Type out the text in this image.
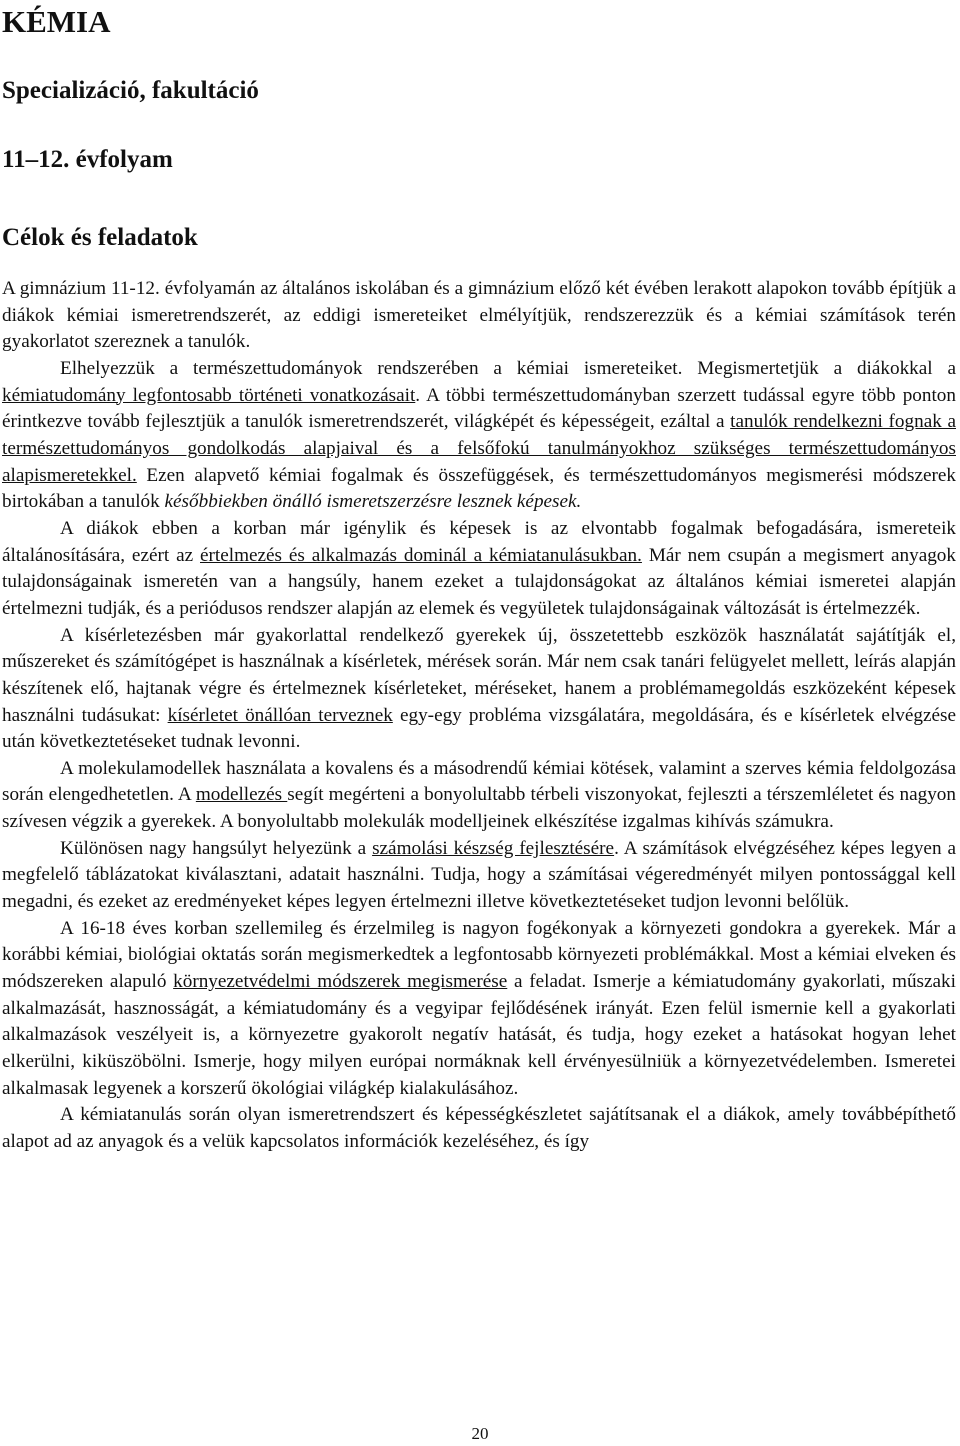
KÉMIA
Specializáció, fakultáció
11–12. évfolyam
Célok és feladatok

A gimnázium 11-12. évfolyamán az általános iskolában és a gimnázium előző két évében lerakott alapokon tovább építjük a diákok kémiai ismeretrendszerét, az eddigi ismereteiket elmélyítjük, rendszerezzük és a kémiai számítások terén gyakorlatot szereznek a tanulók.

Elhelyezzük a természettudományok rendszerében a kémiai ismereteiket. Megismertetjük a diákokkal a kémiatudomány legfontosabb történeti vonatkozásait. A többi természettudományban szerzett tudással egyre több ponton érintkezve tovább fejlesztjük a tanulók ismeretrendszerét, világképét és képességeit, ezáltal a tanulók rendelkezni fognak a természettudományos gondolkodás alapjaival és a felsőfokú tanulmányokhoz szükséges természettudományos alapismeretekkel. Ezen alapvető kémiai fogalmak és összefüggések, és természettudományos megismerési módszerek birtokában a tanulók későbbiekben önálló ismeretszerzésre lesznek képesek.

A diákok ebben a korban már igénylik és képesek is az elvontabb fogalmak befogadására, ismereteik általánosítására, ezért az értelmezés és alkalmazás dominál a kémiatanulásukban. Már nem csupán a megismert anyagok tulajdonságainak ismeretén van a hangsúly, hanem ezeket a tulajdonságokat az általános kémiai ismeretei alapján értelmezni tudják, és a periódusos rendszer alapján az elemek és vegyületek tulajdonságainak változását is értelmezzék.

A kísérletezésben már gyakorlattal rendelkező gyerekek új, összetettebb eszközök használatát sajátítják el, műszereket és számítógépet is használnak a kísérletek, mérések során. Már nem csak tanári felügyelet mellett, leírás alapján készítenek elő, hajtanak végre és értelmeznek kísérleteket, méréseket, hanem a problémamegoldás eszközeként képesek használni tudásukat: kísérletet önállóan terveznek egy-egy probléma vizsgálatára, megoldására, és e kísérletek elvégzése után következtetéseket tudnak levonni.

A molekulamodellek használata a kovalens és a másodrendű kémiai kötések, valamint a szerves kémia feldolgozása során elengedhetetlen. A modellezés segít megérteni a bonyolultabb térbeli viszonyokat, fejleszti a térszemléletet és nagyon szívesen végzik a gyerekek. A bonyolultabb molekulák modelljeinek elkészítése izgalmas kihívás számukra.

Különösen nagy hangsúlyt helyezünk a számolási készség fejlesztésére. A számítások elvégzéséhez képes legyen a megfelelő táblázatokat kiválasztani, adatait használni. Tudja, hogy a számításai végeredményét milyen pontossággal kell megadni, és ezeket az eredményeket képes legyen értelmezni illetve következtetéseket tudjon levonni belőlük.

A 16-18 éves korban szellemileg és érzelmileg is nagyon fogékonyak a környezeti gondokra a gyerekek. Már a korábbi kémiai, biológiai oktatás során megismerkedtek a legfontosabb környezeti problémákkal. Most a kémiai elveken és módszereken alapuló környezetvédelmi módszerek megismerése a feladat. Ismerje a kémiatudomány gyakorlati, műszaki alkalmazását, hasznosságát, a kémiatudomány és a vegyipar fejlődésének irányát. Ezen felül ismernie kell a gyakorlati alkalmazások veszélyeit is, a környezetre gyakorolt negatív hatását, és tudja, hogy ezeket a hatásokat hogyan lehet elkerülni, kiküszöbölni. Ismerje, hogy milyen európai normáknak kell érvényesülniük a környezetvédelemben. Ismeretei alkalmasak legyenek a korszerű ökológiai világkép kialakulásához.

A kémiatanulás során olyan ismeretrendszert és képességkészletet sajátítsanak el a diákok, amely továbbépíthető alapot ad az anyagok és a velük kapcsolatos információk kezeléséhez, és így

20
